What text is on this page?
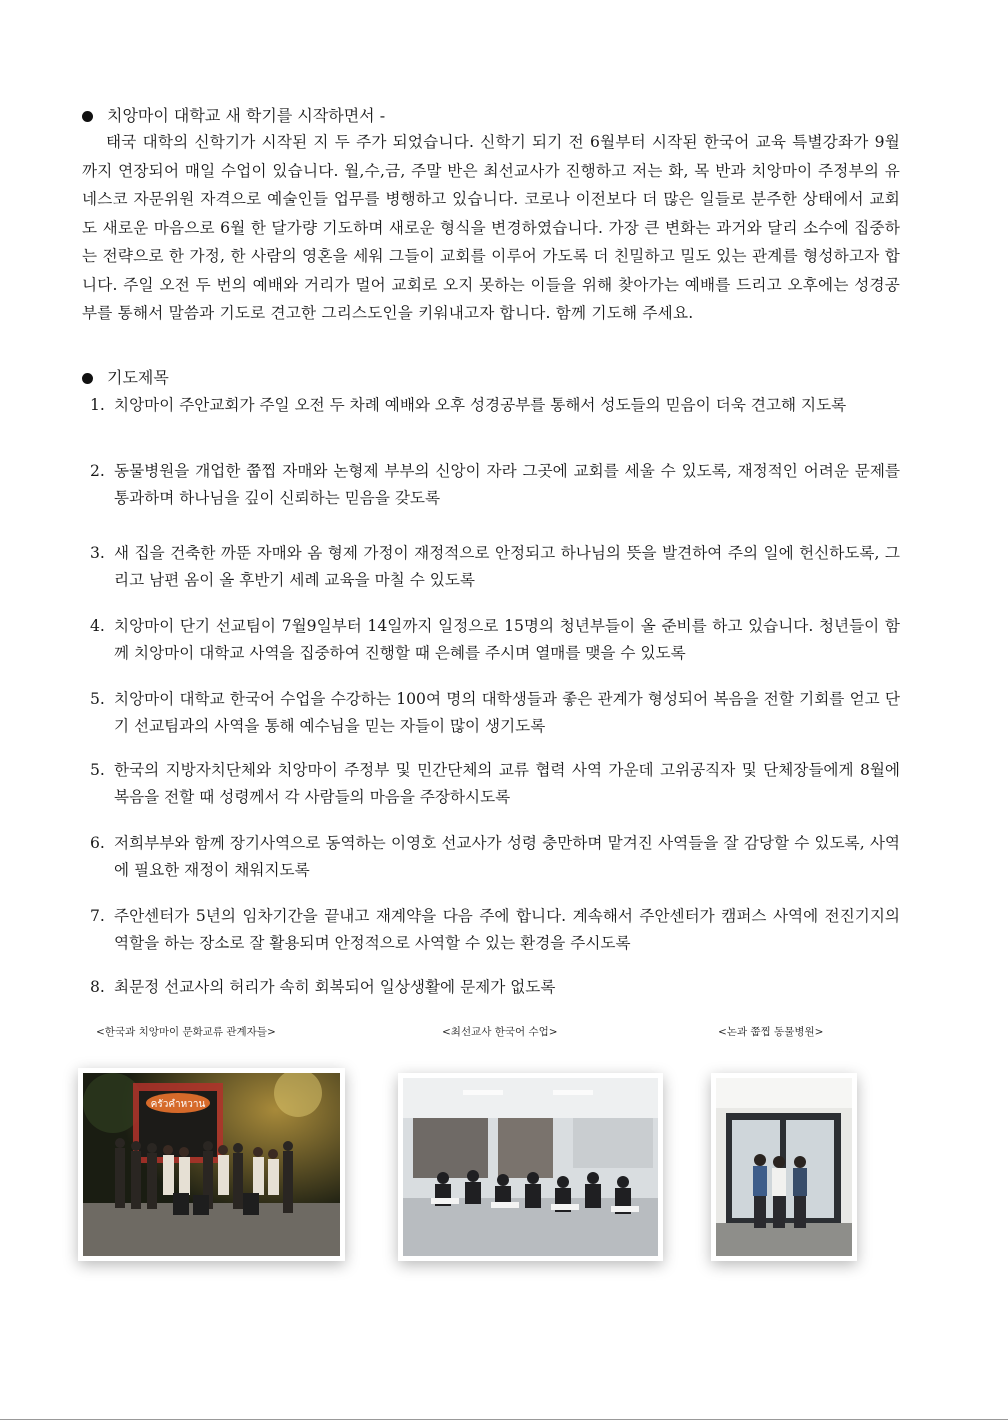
치앙마이 대학교 새 학기를 시작하면서 -
태국 대학의 신학기가 시작된 지 두 주가 되었습니다. 신학기 되기 전 6월부터 시작된 한국어 교육 특별강좌가 9월까지 연장되어 매일 수업이 있습니다. 월,수,금, 주말 반은 최선교사가 진행하고 저는 화, 목 반과 치앙마이 주정부의 유네스코 자문위원 자격으로 예술인들 업무를 병행하고 있습니다. 코로나 이전보다 더 많은 일들로 분주한 상태에서 교회도 새로운 마음으로 6월 한 달가량 기도하며 새로운 형식을 변경하였습니다. 가장 큰 변화는 과거와 달리 소수에 집중하는 전략으로 한 가정, 한 사람의 영혼을 세워 그들이 교회를 이루어 가도록 더 친밀하고 밀도 있는 관계를 형성하고자 합니다. 주일 오전 두 번의 예배와 거리가 멀어 교회로 오지 못하는 이들을 위해 찾아가는 예배를 드리고 오후에는 성경공부를 통해서 말씀과 기도로 견고한 그리스도인을 키워내고자 합니다. 함께 기도해 주세요.
기도제목
1. 치앙마이 주안교회가 주일 오전 두 차례 예배와 오후 성경공부를 통해서 성도들의 믿음이 더욱 견고해 지도록
2. 동물병원을 개업한 쭙찝 자매와 논형제 부부의 신앙이 자라 그곳에 교회를 세울 수 있도록, 재정적인 어려운 문제를 통과하며 하나님을 깊이 신뢰하는 믿음을 갖도록
3. 새 집을 건축한 까뚠 자매와 옴 형제 가정이 재정적으로 안정되고 하나님의 뜻을 발견하여 주의 일에 헌신하도록, 그리고 남편 옴이 올 후반기 세례 교육을 마칠 수 있도록
4. 치앙마이 단기 선교팀이 7월9일부터 14일까지 일정으로 15명의 청년부들이 올 준비를 하고 있습니다. 청년들이 함께 치앙마이 대학교 사역을 집중하여 진행할 때 은혜를 주시며 열매를 맺을 수 있도록
5. 치앙마이 대학교 한국어 수업을 수강하는 100여 명의 대학생들과 좋은 관계가 형성되어 복음을 전할 기회를 얻고 단기 선교팀과의 사역을 통해 예수님을 믿는 자들이 많이 생기도록
5. 한국의 지방자치단체와 치앙마이 주정부 및 민간단체의 교류 협력 사역 가운데 고위공직자 및 단체장들에게 8월에 복음을 전할 때 성령께서 각 사람들의 마음을 주장하시도록
6. 저희부부와 함께 장기사역으로 동역하는 이영호 선교사가 성령 충만하며 맡겨진 사역들을 잘 감당할 수 있도록, 사역에 필요한 재정이 채워지도록
7. 주안센터가 5년의 임차기간을 끝내고 재계약을 다음 주에 합니다. 계속해서 주안센터가 캠퍼스 사역에 전진기지의 역할을 하는 장소로 잘 활용되며 안정적으로 사역할 수 있는 환경을 주시도록
8. 최문정 선교사의 허리가 속히 회복되어 일상생활에 문제가 없도록
<한국과 치앙마이 문화교류 관계자들>	<최선교사 한국어 수업>	<논과 쭙찝 동물병원>
ครัวคำหวาน
